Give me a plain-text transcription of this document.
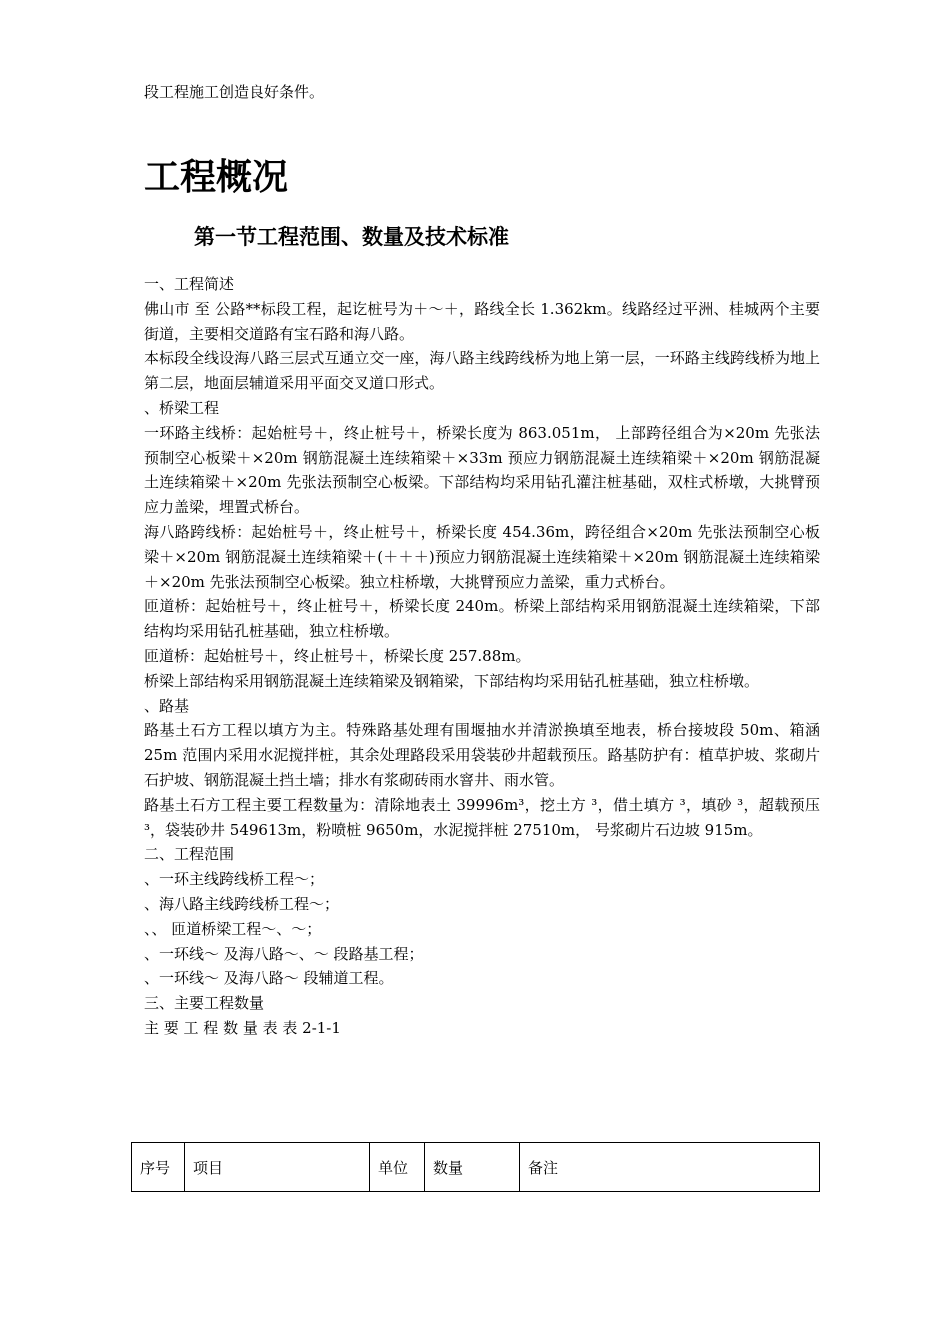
段工程施工创造良好条件。
工程概况
第一节工程范围、数量及技术标准

一、工程简述

佛山市 至 公路**标段工程，起讫桩号为＋～＋，路线全长 1.362km。线路经过平洲、桂城两个主要街道，主要相交道路有宝石路和海八路。

本标段全线设海八路三层式互通立交一座，海八路主线跨线桥为地上第一层，一环路主线跨线桥为地上第二层，地面层辅道采用平面交叉道口形式。

、桥梁工程

一环路主线桥：起始桩号＋，终止桩号＋，桥梁长度为 863.051m， 上部跨径组合为×20m 先张法预制空心板梁＋×20m 钢筋混凝土连续箱梁＋×33m 预应力钢筋混凝土连续箱梁＋×20m 钢筋混凝土连续箱梁＋×20m 先张法预制空心板梁。下部结构均采用钻孔灌注桩基础，双柱式桥墩，大挑臂预应力盖梁，埋置式桥台。

海八路跨线桥：起始桩号＋，终止桩号＋，桥梁长度 454.36m，跨径组合×20m 先张法预制空心板梁＋×20m 钢筋混凝土连续箱梁＋(＋＋＋)预应力钢筋混凝土连续箱梁＋×20m 钢筋混凝土连续箱梁＋×20m 先张法预制空心板梁。独立柱桥墩，大挑臂预应力盖梁，重力式桥台。

匝道桥：起始桩号＋，终止桩号＋，桥梁长度 240m。桥梁上部结构采用钢筋混凝土连续箱梁，下部结构均采用钻孔桩基础，独立柱桥墩。

匝道桥：起始桩号＋，终止桩号＋，桥梁长度 257.88m。

桥梁上部结构采用钢筋混凝土连续箱梁及钢箱梁，下部结构均采用钻孔桩基础，独立柱桥墩。

、路基

路基土石方工程以填方为主。特殊路基处理有围堰抽水并清淤换填至地表，桥台接坡段 50m、箱涵 25m 范围内采用水泥搅拌桩，其余处理路段采用袋装砂井超载预压。路基防护有：植草护坡、浆砌片石护坡、钢筋混凝土挡土墙；排水有浆砌砖雨水窨井、雨水管。

路基土石方工程主要工程数量为：清除地表土 39996m³，挖土方 ³，借土填方 ³，填砂 ³，超载预压 ³，袋装砂井 549613m，粉喷桩 9650m，水泥搅拌桩 27510m， 号浆砌片石边坡 915m。

二、工程范围

、一环主线跨线桥工程～；

、海八路主线跨线桥工程～；

、、 匝道桥梁工程～、～；

、一环线～ 及海八路～、～ 段路基工程；

、一环线～ 及海八路～ 段辅道工程。

三、主要工程数量

主 要 工 程 数 量 表 表 2-1-1

序号	项目	单位	数量	备注
